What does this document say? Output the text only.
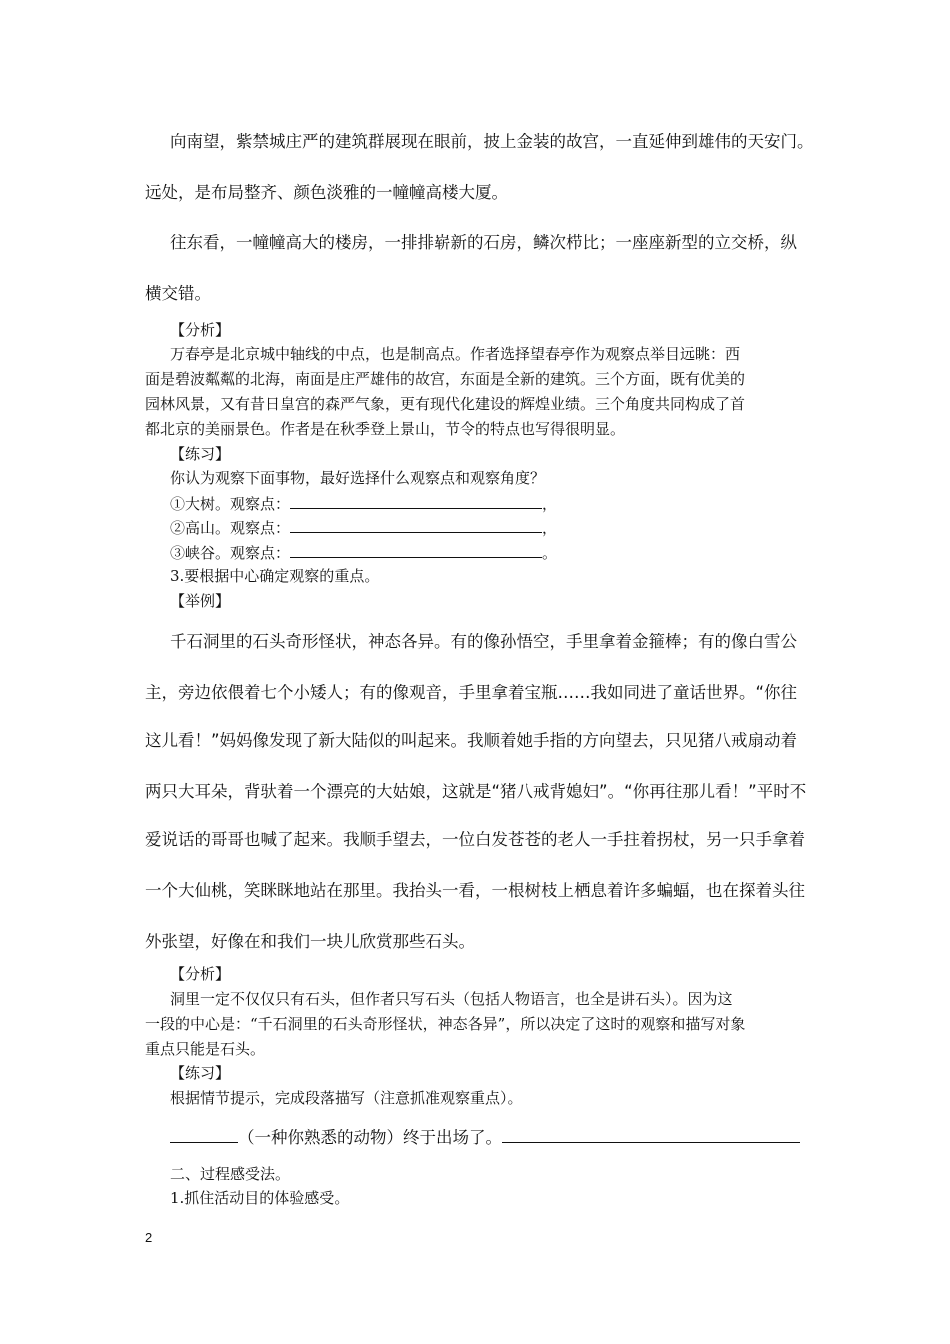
向南望，紫禁城庄严的建筑群展现在眼前，披上金装的故宫，一直延伸到雄伟的天安门。
远处，是布局整齐、颜色淡雅的一幢幢高楼大厦。
往东看，一幢幢高大的楼房，一排排崭新的石房，鳞次栉比；一座座新型的立交桥，纵
横交错。
【分析】
万春亭是北京城中轴线的中点，也是制高点。作者选择望春亭作为观察点举目远眺：西
面是碧波粼粼的北海，南面是庄严雄伟的故宫，东面是全新的建筑。三个方面，既有优美的
园林风景，又有昔日皇宫的森严气象，更有现代化建设的辉煌业绩。三个角度共同构成了首
都北京的美丽景色。作者是在秋季登上景山，节令的特点也写得很明显。
【练习】
你认为观察下面事物，最好选择什么观察点和观察角度？
①大树。观察点：	，
②高山。观察点：	，
③峡谷。观察点：	。
3.要根据中心确定观察的重点。
【举例】
千石洞里的石头奇形怪状，神态各异。有的像孙悟空，手里拿着金箍棒；有的像白雪公
主，旁边依偎着七个小矮人；有的像观音，手里拿着宝瓶……我如同进了童话世界。“你往
这儿看！”妈妈像发现了新大陆似的叫起来。我顺着她手指的方向望去，只见猪八戒扇动着
两只大耳朵，背驮着一个漂亮的大姑娘，这就是“猪八戒背媳妇”。“你再往那儿看！”平时不
爱说话的哥哥也喊了起来。我顺手望去，一位白发苍苍的老人一手拄着拐杖，另一只手拿着
一个大仙桃，笑眯眯地站在那里。我抬头一看，一根树枝上栖息着许多蝙蝠，也在探着头往
外张望，好像在和我们一块儿欣赏那些石头。
【分析】
洞里一定不仅仅只有石头，但作者只写石头（包括人物语言，也全是讲石头）。因为这
一段的中心是：“千石洞里的石头奇形怪状，神态各异”，所以决定了这时的观察和描写对象
重点只能是石头。
【练习】
根据情节提示，完成段落描写（注意抓准观察重点）。
（一种你熟悉的动物）终于出场了。
二、过程感受法。
1.抓住活动目的体验感受。
2
